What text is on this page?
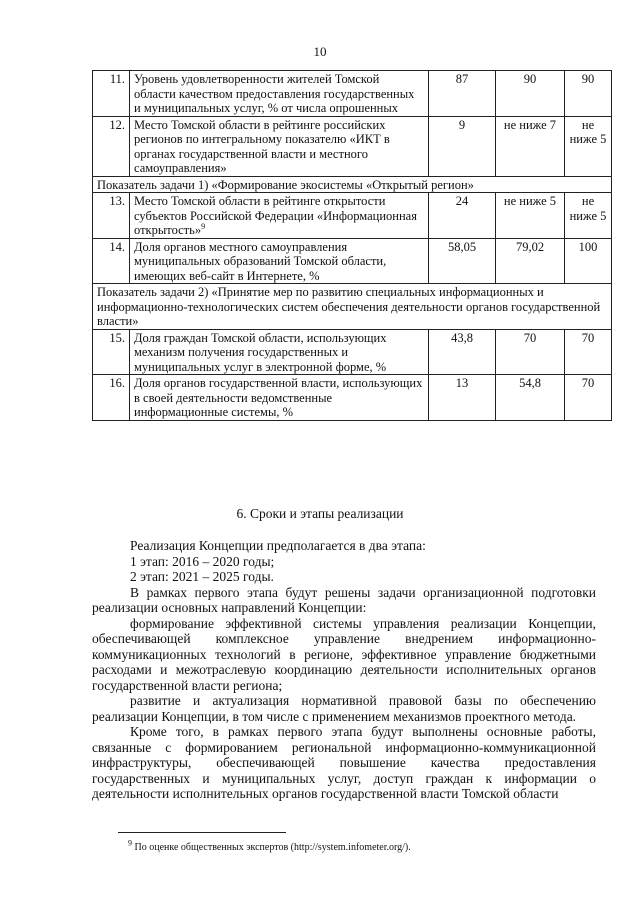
10
11.	Уровень удовлетворенности жителей Томской области качеством предоставления государственных и муниципальных услуг, % от числа опрошенных	87	90	90
12.	Место Томской области в рейтинге российских регионов по интегральному показателю «ИКТ в органах государственной власти и местного самоуправления»	9	не ниже 7	не ниже 5
Показатель задачи 1) «Формирование экосистемы «Открытый регион»				
13.	Место Томской области в рейтинге открытости субъектов Российской Федерации «Информационная открытость»$^9$	24	не ниже 5	не ниже 5
14.	Доля органов местного самоуправления муниципальных образований Томской области, имеющих веб-сайт в Интернете, %	58,05	79,02	100
Показатель задачи 2) «Принятие мер по развитию специальных информационных и информационно-технологических систем обеспечения деятельности органов государственной власти»				
15.	Доля граждан Томской области, использующих механизм получения государственных и муниципальных услуг в электронной форме, %	43,8	70	70
16.	Доля органов государственной власти, использующих в своей деятельности ведомственные информационные системы, %	13	54,8	70
6. Сроки и этапы реализации

Реализация Концепции предполагается в два этапа:

1 этап: 2016 – 2020 годы;

2 этап: 2021 – 2025 годы.

В рамках первого этапа будут решены задачи организационной подготовки реализации основных направлений Концепции:

формирование эффективной системы управления реализации Концепции, обеспечивающей комплексное управление внедрением информационно-коммуникационных технологий в регионе, эффективное управление бюджетными расходами и межотраслевую координацию деятельности исполнительных органов государственной власти региона;

развитие и актуализация нормативной правовой базы по обеспечению реализации Концепции, в том числе с применением механизмов проектного метода.

Кроме того, в рамках первого этапа будут выполнены основные работы, связанные с формированием региональной информационно-коммуникационной инфраструктуры, обеспечивающей повышение качества предоставления государственных и муниципальных услуг, доступ граждан к информации о деятельности исполнительных органов государственной власти Томской области

$^9$ По оценке общественных экспертов (http://system.infometer.org/).
